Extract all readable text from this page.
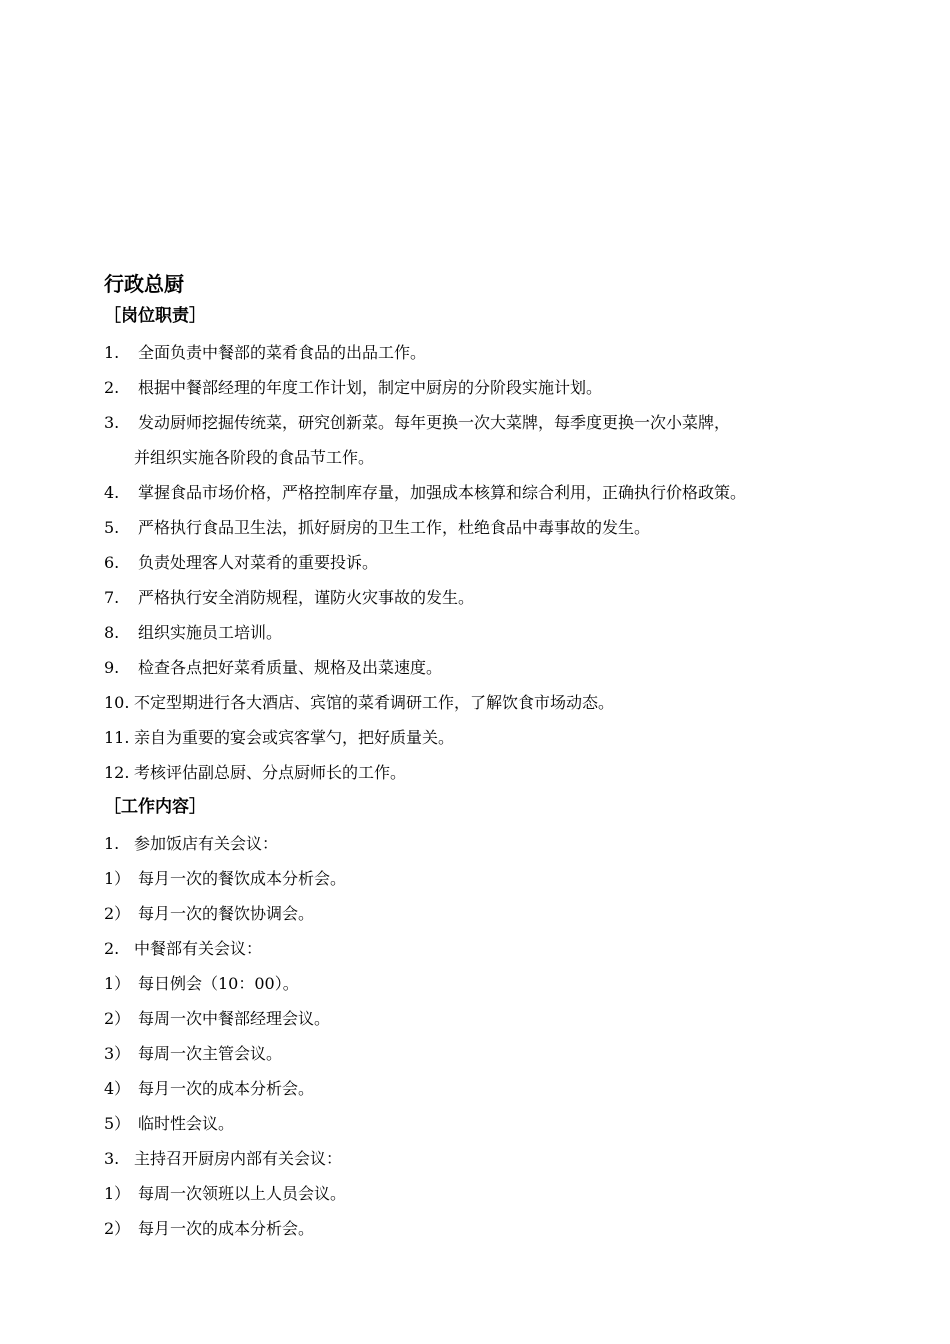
行政总厨
［岗位职责］
1. 全面负责中餐部的菜肴食品的出品工作。
2. 根据中餐部经理的年度工作计划，制定中厨房的分阶段实施计划。
3. 发动厨师挖掘传统菜，研究创新菜。每年更换一次大菜牌，每季度更换一次小菜牌，
并组织实施各阶段的食品节工作。
4. 掌握食品市场价格，严格控制库存量，加强成本核算和综合利用，正确执行价格政策。
5. 严格执行食品卫生法，抓好厨房的卫生工作，杜绝食品中毒事故的发生。
6. 负责处理客人对菜肴的重要投诉。
7. 严格执行安全消防规程，谨防火灾事故的发生。
8. 组织实施员工培训。
9. 检查各点把好菜肴质量、规格及出菜速度。
10. 不定型期进行各大酒店、宾馆的菜肴调研工作，了解饮食市场动态。
11. 亲自为重要的宴会或宾客掌勺，把好质量关。
12. 考核评估副总厨、分点厨师长的工作。
［工作内容］
1. 参加饭店有关会议：
1） 每月一次的餐饮成本分析会。
2） 每月一次的餐饮协调会。
2. 中餐部有关会议：
1） 每日例会（10：00）。
2） 每周一次中餐部经理会议。
3） 每周一次主管会议。
4） 每月一次的成本分析会。
5） 临时性会议。
3. 主持召开厨房内部有关会议：
1） 每周一次领班以上人员会议。
2） 每月一次的成本分析会。
